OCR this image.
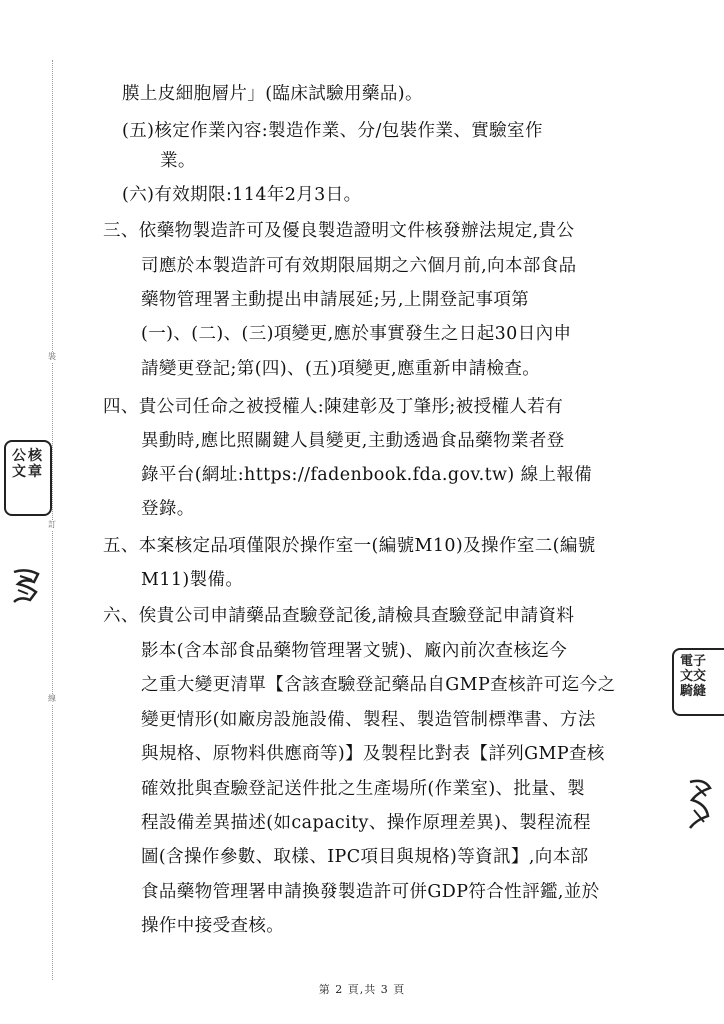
裝
訂
線
公
文
核
章
電子
文交
騎縫
膜上皮細胞層片」(臨床試驗用藥品)。
(五)核定作業內容:製造作業、分/包裝作業、實驗室作
業。
(六)有效期限:114年2月3日。
三、依藥物製造許可及優良製造證明文件核發辦法規定,貴公
司應於本製造許可有效期限屆期之六個月前,向本部食品
藥物管理署主動提出申請展延;另,上開登記事項第
(一)、(二)、(三)項變更,應於事實發生之日起30日內申
請變更登記;第(四)、(五)項變更,應重新申請檢查。
四、貴公司任命之被授權人:陳建彰及丁肇彤;被授權人若有
異動時,應比照關鍵人員變更,主動透過食品藥物業者登
錄平台(網址:https://fadenbook.fda.gov.tw) 線上報備
登錄。
五、本案核定品項僅限於操作室一(編號M10)及操作室二(編號
M11)製備。
六、俟貴公司申請藥品查驗登記後,請檢具查驗登記申請資料
影本(含本部食品藥物管理署文號)、廠內前次查核迄今
之重大變更清單【含該查驗登記藥品自GMP查核許可迄今之
變更情形(如廠房設施設備、製程、製造管制標準書、方法
與規格、原物料供應商等)】及製程比對表【詳列GMP查核
確效批與查驗登記送件批之生產場所(作業室)、批量、製
程設備差異描述(如capacity、操作原理差異)、製程流程
圖(含操作參數、取樣、IPC項目與規格)等資訊】,向本部
食品藥物管理署申請換發製造許可併GDP符合性評鑑,並於
操作中接受查核。
第 2 頁,共 3 頁
